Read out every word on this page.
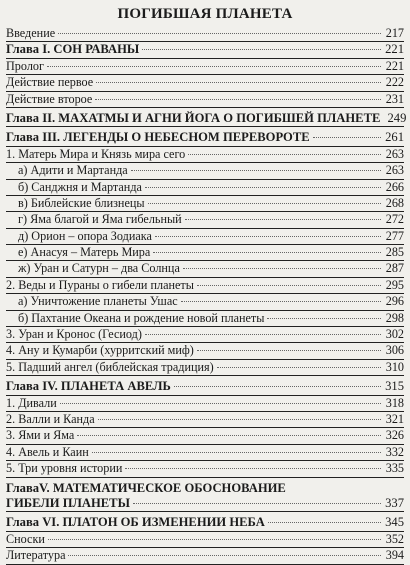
ПОГИБШАЯ ПЛАНЕТА
Введение	217
Глава I. СОН РАВАНЫ	221
Пролог	221
Действие первое	222
Действие второе	231
Глава II. МАХАТМЫ И АГНИ ЙОГА О ПОГИБШЕЙ ПЛАНЕТЕ 249
Глава III. ЛЕГЕНДЫ О НЕБЕСНОМ ПЕРЕВОРОТЕ	261
1. Матерь Мира и Князь мира сего	263
а) Адити и Мартанда	263
б) Санджня и Мартанда	266
в) Библейские близнецы	268
г) Яма благой и Яма гибельный	272
д) Орион – опора Зодиака	277
е) Анасуя – Матерь Мира	285
ж) Уран и Сатурн – два Солнца	287
2. Веды и Пураны о гибели планеты	295
а) Уничтожение планеты Ушас	296
б) Пахтание Океана и рождение новой планеты	298
3. Уран и Кронос (Гесиод)	302
4. Ану и Кумарби (хурритский миф)	306
5. Падший ангел (библейская традиция)	310
Глава IV. ПЛАНЕТА АВЕЛЬ	315
1. Дивали	318
2. Валли и Канда	321
3. Ями и Яма	326
4. Авель и Каин	332
5. Три уровня истории	335
ГлаваV. МАТЕМАТИЧЕСКОЕ ОБОСНОВАНИЕ
ГИБЕЛИ ПЛАНЕТЫ	337
Глава VI. ПЛАТОН ОБ ИЗМЕНЕНИИ НЕБА	345
Сноски	352
Литература	394
